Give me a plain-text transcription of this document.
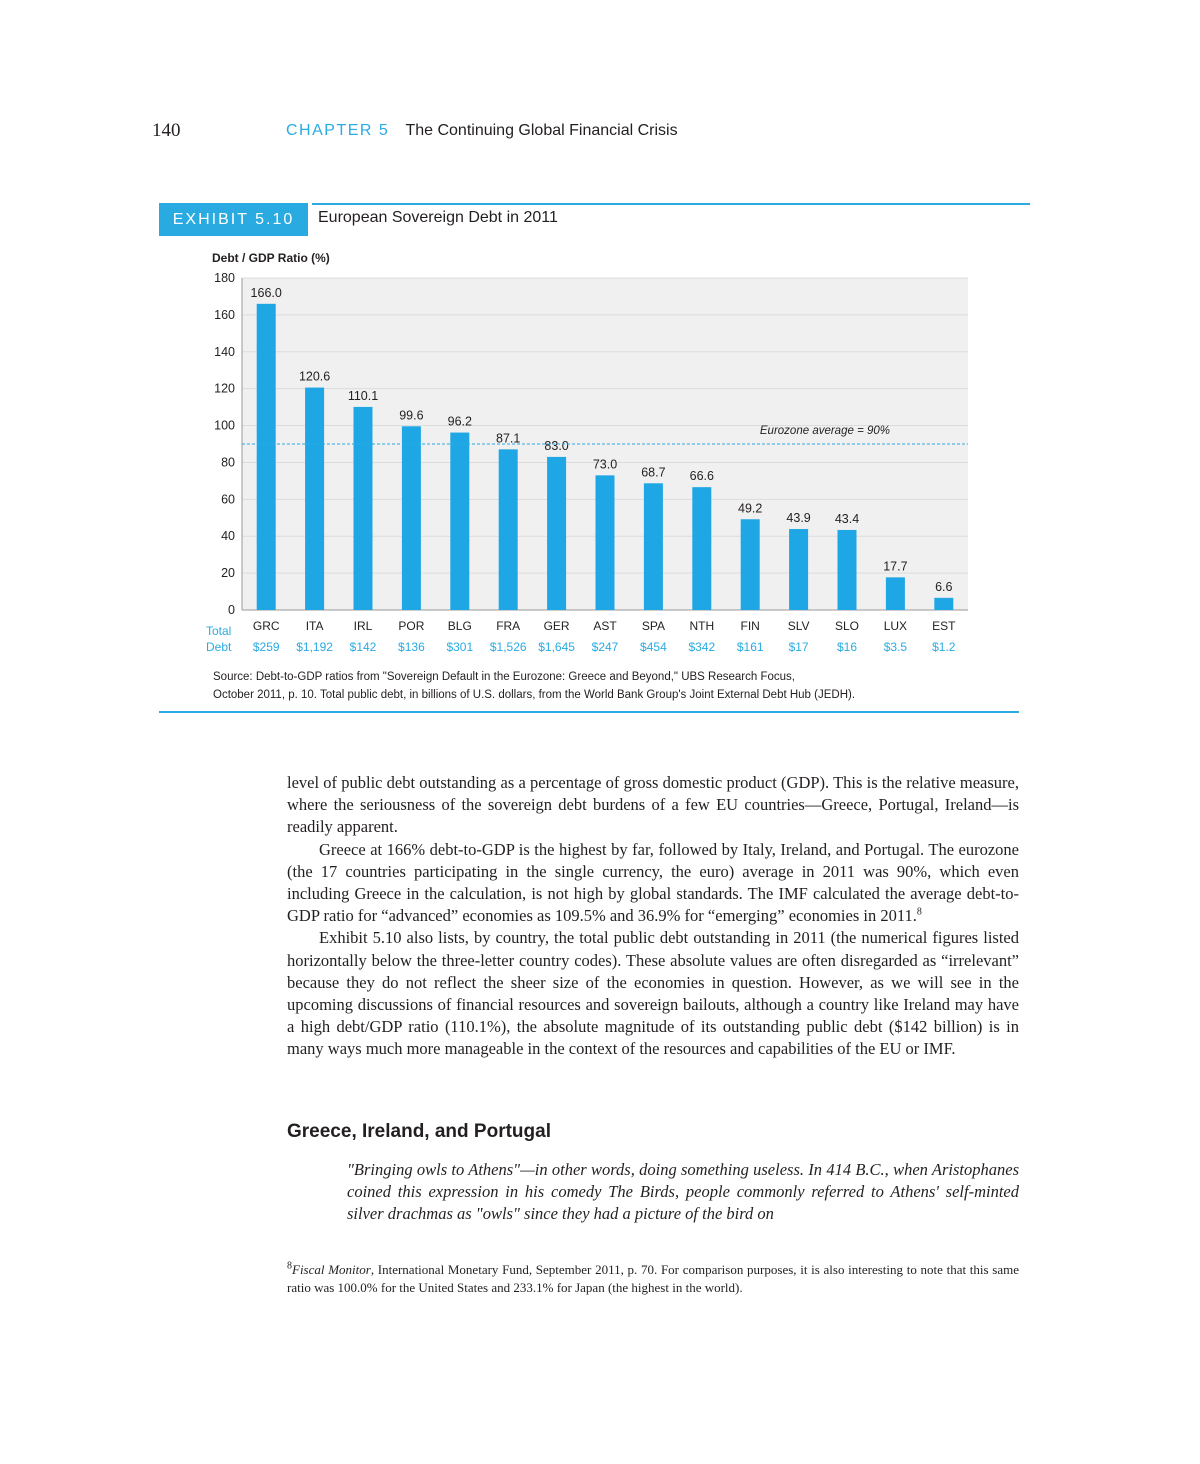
140	CHAPTER 5 The Continuing Global Financial Crisis
EXHIBIT 5.10	European Sovereign Debt in 2011
Debt / GDP Ratio (%)
0
20
40
60
80
100
120
140
160
180
166.0
GRC
$259
120.6
ITA
$1,192
110.1
IRL
$142
99.6
POR
$136
96.2
BLG
$301
87.1
FRA
$1,526
83.0
GER
$1,645
73.0
AST
$247
68.7
SPA
$454
66.6
NTH
$342
49.2
FIN
$161
43.9
SLV
$17
43.4
SLO
$16
17.7
LUX
$3.5
6.6
EST
$1.2
Eurozone average = 90%
Total
Debt
Source: Debt-to-GDP ratios from "Sovereign Default in the Eurozone: Greece and Beyond," UBS Research Focus,
October 2011, p. 10. Total public debt, in billions of U.S. dollars, from the World Bank Group's Joint External Debt Hub (JEDH).

level of public debt outstanding as a percentage of gross domestic product (GDP). This is the relative measure, where the seriousness of the sovereign debt burdens of a few EU countries—Greece, Portugal, Ireland—is readily apparent.

Greece at 166% debt-to-GDP is the highest by far, followed by Italy, Ireland, and Portugal. The eurozone (the 17 countries participating in the single currency, the euro) average in 2011 was 90%, which even including Greece in the calculation, is not high by global standards. The IMF calculated the average debt-to-GDP ratio for “advanced” economies as 109.5% and 36.9% for “emerging” economies in 2011.$^8$

Exhibit 5.10 also lists, by country, the total public debt outstanding in 2011 (the numerical figures listed horizontally below the three-letter country codes). These absolute values are often disregarded as “irrelevant” because they do not reflect the sheer size of the economies in question. However, as we will see in the upcoming discussions of financial resources and sovereign bailouts, although a country like Ireland may have a high debt/GDP ratio (110.1%), the absolute magnitude of its outstanding public debt ($142 billion) is in many ways much more manageable in the context of the resources and capabilities of the EU or IMF.

Greece, Ireland, and Portugal
"Bringing owls to Athens"—in other words, doing something useless. In 414 B.C., when Aristophanes coined this expression in his comedy The Birds, people commonly referred to Athens' self-minted silver drachmas as "owls" since they had a picture of the bird on
$^8$Fiscal Monitor, International Monetary Fund, September 2011, p. 70. For comparison purposes, it is also interesting to note that this same ratio was 100.0% for the United States and 233.1% for Japan (the highest in the world).
